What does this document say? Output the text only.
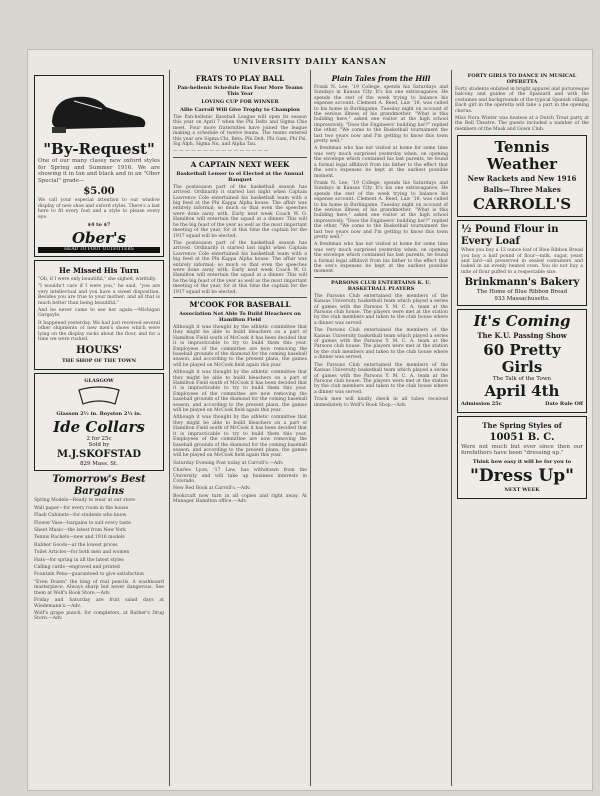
UNIVERSITY DAILY KANSAN
"By-Request"

One of our many classy new oxford styles for Spring and Summer 1916. We are showing it in tan and black and in an "Ober Special" grade—

$5.00

We call your especial attention to our window display of new shoe and oxford styles. There's a last here to fit every foot and a style to please every eye.

$4 to $7
Ober's
HEAD TO FOOT OUTFITTERS
He Missed His Turn

"Oh, if I were only beautiful," she sighed, wistfully.

"I wouldn't care if I were you," he said, "you are very intellectual and you have a sweet disposition. Besides you are true to your mother; and all that is much better than being beautiful."

And he never came to see her again.—Michigan Gargoyle.

It happened yesterday. We had just received several other shipments of new men's shoes which were lying on the display racks about the floor, and for a time we were rushed.

HOUKS'
THE SHOP OF THE TOWN
GLASGOW
Glasson 2½ in. Royston 2¼ in.
Ide Collars
2 for 25c
Sold by
M.J.SKOFSTAD
829 Mass. St.
Tomorrow's Best Bargains

Spring Models—Ready to wear at our store

Wall paper—for every room in the house

Flash Cabinets—for students who know

Flower Vase—bargains to suit every taste

Sheet Music—the latest from New York

Tennis Rackets—new and 1916 models

Rubber Goods—at the lowest prices

Toilet Articles—for both men and women

Hats—for spring in all the latest styles

Calling cards—engraved and printed

Fountain Pens—guaranteed to give satisfaction

"Even Dozen" the king of real pencils. A washboard masterpiece. Always sharp but never dangerous. See them at Wolf's Book Store.—Adv.

Friday and Saturday are fruit salad days at Wiedemann's.—Adv.

Wolf's grape punch, for completers, at Barber's Drug Store.—Adv.

FRATS TO PLAY BALL
Pan-hellenic Schedule Has Four More Teams This Year
LOVING CUP FOR WINNER
Allie Carroll Will Give Trophy to Champion

The Pan-hellenic Baseball League will open its season this year on April 7 when the Phi Delts and Sigma Chis meet. Four more fraternities have joined the league making a schedule of twelve teams. The teams entered this year are Sigma Chi, Beta, Phi Delt, Phi Gam, Phi Psi, Sig Alph, Sigma Nu, and Alpha Tau.

— — — — — — — — — — — — — — — —

A CAPTAIN NEXT WEEK
Basketball Lenser to el Elected at the Annual Banquet

The postseason part of the basketball season has arrived. Ordinarily it started last night when Captain Lawrence Cole entertained his basketball team with a big feed at the Phi Kappa Alpha house. The affair was entirely informal; so much so that even the speeches were done away with. Early next week Coach W. O. Hamilton will entertain the squad at a dinner. This will be the big feast of the year as well as the most important meeting of the year, for at this time the captain for the 1917 squad will be elected.

The postseason part of the basketball season has arrived. Ordinarily it started last night when Captain Lawrence Cole entertained his basketball team with a big feed at the Phi Kappa Alpha house. The affair was entirely informal; so much so that even the speeches were done away with. Early next week Coach W. O. Hamilton will entertain the squad at a dinner. This will be the big feast of the year as well as the most important meeting of the year, for at this time the captain for the 1917 squad will be elected.

M'COOK FOR BASEBALL
Association Not Able To Build Bleachers on Hamilton Field

Although it was thought by the athletic committee that they might be able to build bleachers on a part of Hamilton Field south of McCook it has been decided that it is impracticable to try to build them this year. Employees of the committee are now removing the baseball grounds of the diamond for the coming baseball season, and according to the present plans, the games will be played on McCook field again this year.

Although it was thought by the athletic committee that they might be able to build bleachers on a part of Hamilton Field south of McCook it has been decided that it is impracticable to try to build them this year. Employees of the committee are now removing the baseball grounds of the diamond for the coming baseball season, and according to the present plans, the games will be played on McCook field again this year.

Although it was thought by the athletic committee that they might be able to build bleachers on a part of Hamilton Field south of McCook it has been decided that it is impracticable to try to build them this year. Employees of the committee are now removing the baseball grounds of the diamond for the coming baseball season, and according to the present plans, the games will be played on McCook field again this year.

Saturday Evening Post today at Carroll's.—Adv.

Charles Lyon, '17 Law, has withdrawn from the University and will take up business interests in Colorado.

New Red Book at Carroll's.—Adv.

Bookcraft now turn in all copies and right away. At Manager Hamilton office.—Adv.

Plain Tales from the Hill

Frank N. Lee, '19 College, spends his Saturdays and Sundays in Kansas City. It's his one extravagance. He spends the rest of the week trying to balance his expense account. Clement A. Reed, Law '16, was called to his home in Burlingame, Tuesday night on account of the serious illness of his grandmother. "What is this building here," asked one visitor at the high school impressively. "Does the Engineers' building bar?" replied the other. "We come to the Basketball tournament the last two years now and I'm getting to know this town pretty well."

A freshman who has not visited at home for some time was very much surprised yesterday when, on opening the envelope which contained his last parents, he found a formal legal affidavit from his father to the effect that the son's expenses be kept at the earliest possible moment.

Frank N. Lee, '19 College, spends his Saturdays and Sundays in Kansas City. It's his one extravagance. He spends the rest of the week trying to balance his expense account. Clement A. Reed, Law '16, was called to his home in Burlingame, Tuesday night on account of the serious illness of his grandmother. "What is this building here," asked one visitor at the high school impressively. "Does the Engineers' building bar?" replied the other. "We come to the Basketball tournament the last two years now and I'm getting to know this town pretty well."

A freshman who has not visited at home for some time was very much surprised yesterday when, on opening the envelope which contained his last parents, he found a formal legal affidavit from his father to the effect that the son's expenses be kept at the earliest possible moment.

PARSONS CLUB ENTERTAINS K. U. BASKETBALL PLAYERS

The Parsons Club entertained the members of the Kansas University basketball team which played a series of games with the Parsons Y. M. C. A. team at the Parsons club house. The players were met at the station by the club members and taken to the club house where a dinner was served.

The Parsons Club entertained the members of the Kansas University basketball team which played a series of games with the Parsons Y. M. C. A. team at the Parsons club house. The players were met at the station by the club members and taken to the club house where a dinner was served.

The Parsons Club entertained the members of the Kansas University basketball team which played a series of games with the Parsons Y. M. C. A. team at the Parsons club house. The players were met at the station by the club members and taken to the club house where a dinner was served.

Track men will kindly check in all tubes received immediately to Wolf's Book Shop.—Adv.

FORTY GIRLS TO DANCE IN MUSICAL OPERETTA

Forty students enlisted in bright apparel and picturesque balcony and guides of the Spaniard and with the costumes and backgrounds of the typical Spanish village. Each girl in the operetta will take a part in the opening chorus.

Miss Nora Winter was hostess at a Dutch Treat party at the Bell Theatre. The guests included a number of the members of the Mask and Gown Club.

Tennis Weather
New Rackets and New 1916
Balls—Three Makes
CARROLL'S
½ Pound Flour in Every Loaf

When you buy a 12 ounce loaf of Blue Ribbon Bread you buy a half pound of flour—milk, sugar, yeast and lard—all preserved in sealed containers and baked in an evenly heated oven. You do not buy a mite of flour puffed to a respectable size.

Brinkmann's Bakery
The Home of Blue Ribbon Bread
933 Massachusetts.
It's Coming
The K.U. Passing Show
60 Pretty Girls
The Talk of the Town
April 4th
Admission 25c	Date Rule Off
The Spring Styles of
10051 B. C.

Were not much but ever since then our forefathers have been "dressing up."

Think how easy it will be for you to
"Dress Up"
NEXT WEEK
